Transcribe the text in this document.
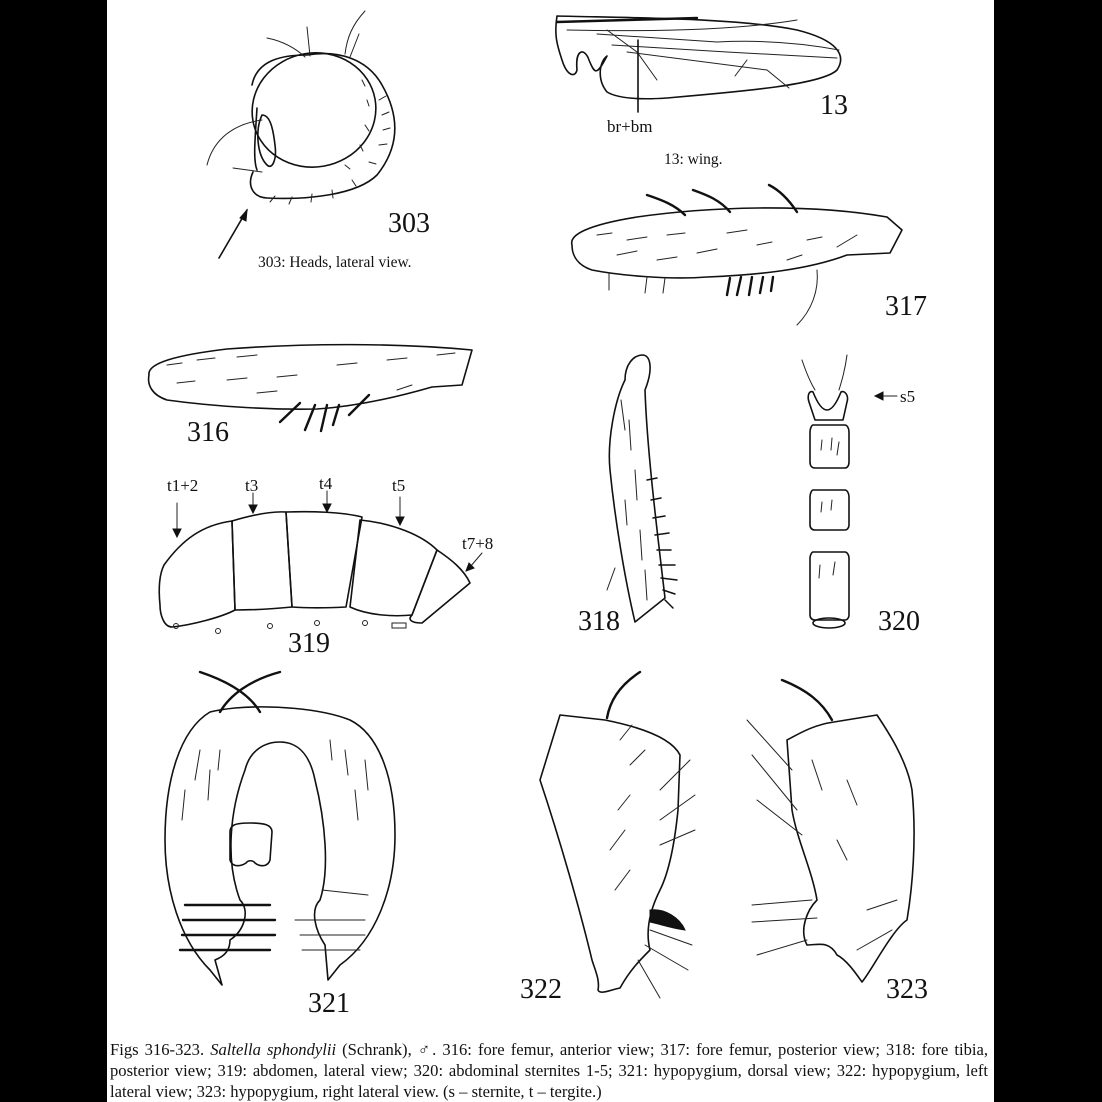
303
303: Heads, lateral view.
br+bm
13
13: wing.
317
316
t1+2	t3	t4	t5
t7+8
319
318
s5
320
321	322	323
Figs 316-323. Saltella sphondylii (Schrank), ♂. 316: fore femur, anterior view; 317: fore femur, posterior view; 318: fore tibia, posterior view; 319: abdomen, lateral view; 320: abdominal sternites 1-5; 321: hypopygium, dorsal view; 322: hypopygium, left lateral view; 323: hypopygium, right lateral view. (s – sternite, t – tergite.)
